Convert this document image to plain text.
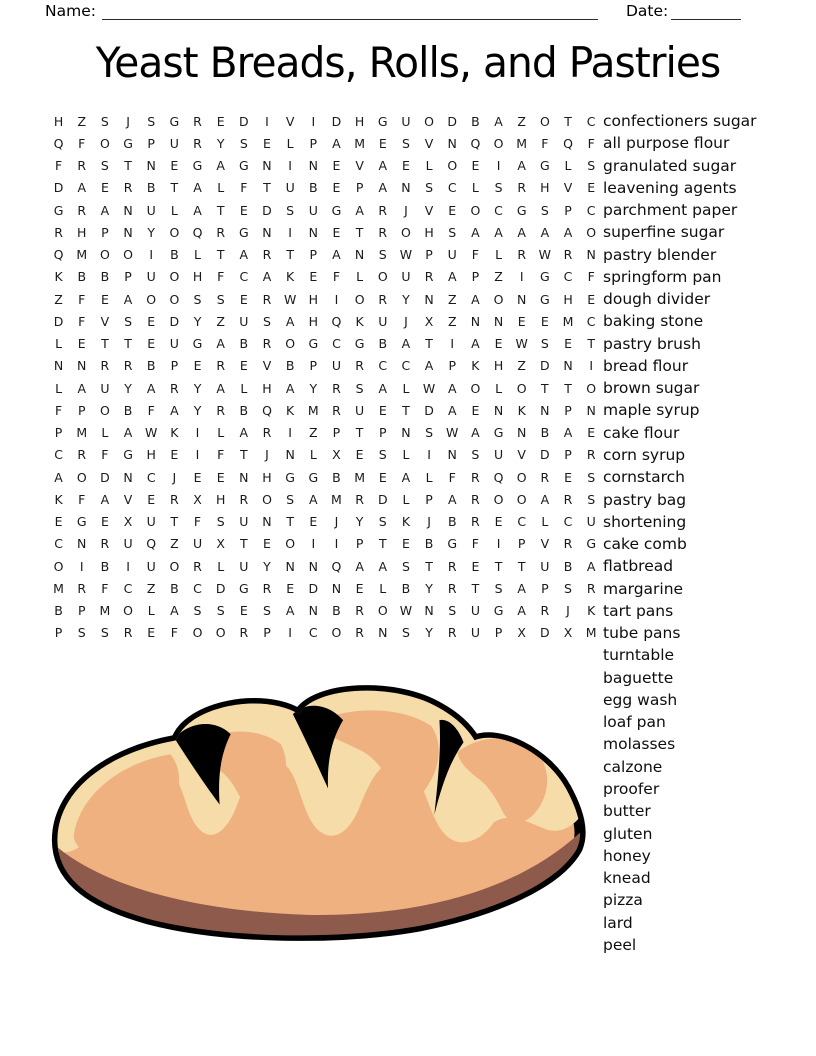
Name:	Date:
Yeast Breads, Rolls, and Pastries
H	Z	S	J	S	G	R	E	D	I	V	I	D	H	G	U	O	D	B	A	Z	O	T	C
Q	F	O	G	P	U	R	Y	S	E	L	P	A	M	E	S	V	N	Q	O	M	F	Q	F
F	R	S	T	N	E	G	A	G	N	I	N	E	V	A	E	L	O	E	I	A	G	L	S
D	A	E	R	B	T	A	L	F	T	U	B	E	P	A	N	S	C	L	S	R	H	V	E
G	R	A	N	U	L	A	T	E	D	S	U	G	A	R	J	V	E	O	C	G	S	P	C
R	H	P	N	Y	O	Q	R	G	N	I	N	E	T	R	O	H	S	A	A	A	A	A	O
Q	M	O	O	I	B	L	T	A	R	T	P	A	N	S	W	P	U	F	L	R	W	R	N
K	B	B	P	U	O	H	F	C	A	K	E	F	L	O	U	R	A	P	Z	I	G	C	F
Z	F	E	A	O	O	S	S	E	R	W H	I	O	R	Y	N	Z	A	O	N	G	H	E
D	F	V	S	E	D	Y	Z	U	S	A	H	Q	K	U	J	X	Z	N	N	E	E	M	C
L	E	T	T	E	U	G	A	B	R	O	G	C	G	B	A	T	I	A	E	W	S	E	T
N	N	R	R	B	P	E	R	E	V	B	P	U	R	C	C	A	P	K	H	Z	D	N	I
L	A	U	Y	A	R	Y	A	L	H	A	Y	R	S	A	L	W	A	O	L	O	T	T	O
F	P	O	B	F	A	Y	R	B	Q	K	M	R	U	E	T	D	A	E	N	K	N	P	N
P	M	L	A	W	K	I	L	A	R	I	Z	P	T	P	N	S	W	A	G	N	B	A	E
C	R	F	G	H	E	I	F	T	J	N	L	X	E	S	L	I	N	S	U	V	D	P	R
A	O	D	N	C	J	E	E	N	H	G	G	B	M	E	A	L	F	R	Q	O	R	E	S
K	F	A	V	E	R	X	H	R	O	S	A	M	R	D	L	P	A	R	O	O	A	R	S
E	G	E	X	U	T	F	S	U	N	T	E	J	Y	S	K	J	B	R	E	C	L	C	U
C	N	R	U	Q	Z	U	X	T	E	O	I	I	P	T	E	B	G	F	I	P	V	R	G
O	I	B	I	U	O	R	L	U	Y	N	N	Q	A	A	S	T	R	E	T	T	U	B	A
M	R	F	C	Z	B	C	D	G	R	E	D	N	E	L	B	Y	R	T	S	A	P	S	R
B	P	M	O	L	A	S	S	E	S	A	N	B	R	O W N	S	U	G	A	R	J	K
P	S	S	R	E	F	O	O	R	P	I	C	O	R	N	S	Y	R	U	P	X	D	X	M
confectioners sugar
all purpose flour
granulated sugar
leavening agents
parchment paper
superfine sugar
pastry blender
springform pan
dough divider
baking stone
pastry brush
bread flour
brown sugar
maple syrup
cake flour
corn syrup
cornstarch
pastry bag
shortening
cake comb
flatbread
margarine
tart pans
tube pans
turntable
baguette
egg wash
loaf pan
molasses
calzone
proofer
butter
gluten
honey
knead
pizza
lard
peel
